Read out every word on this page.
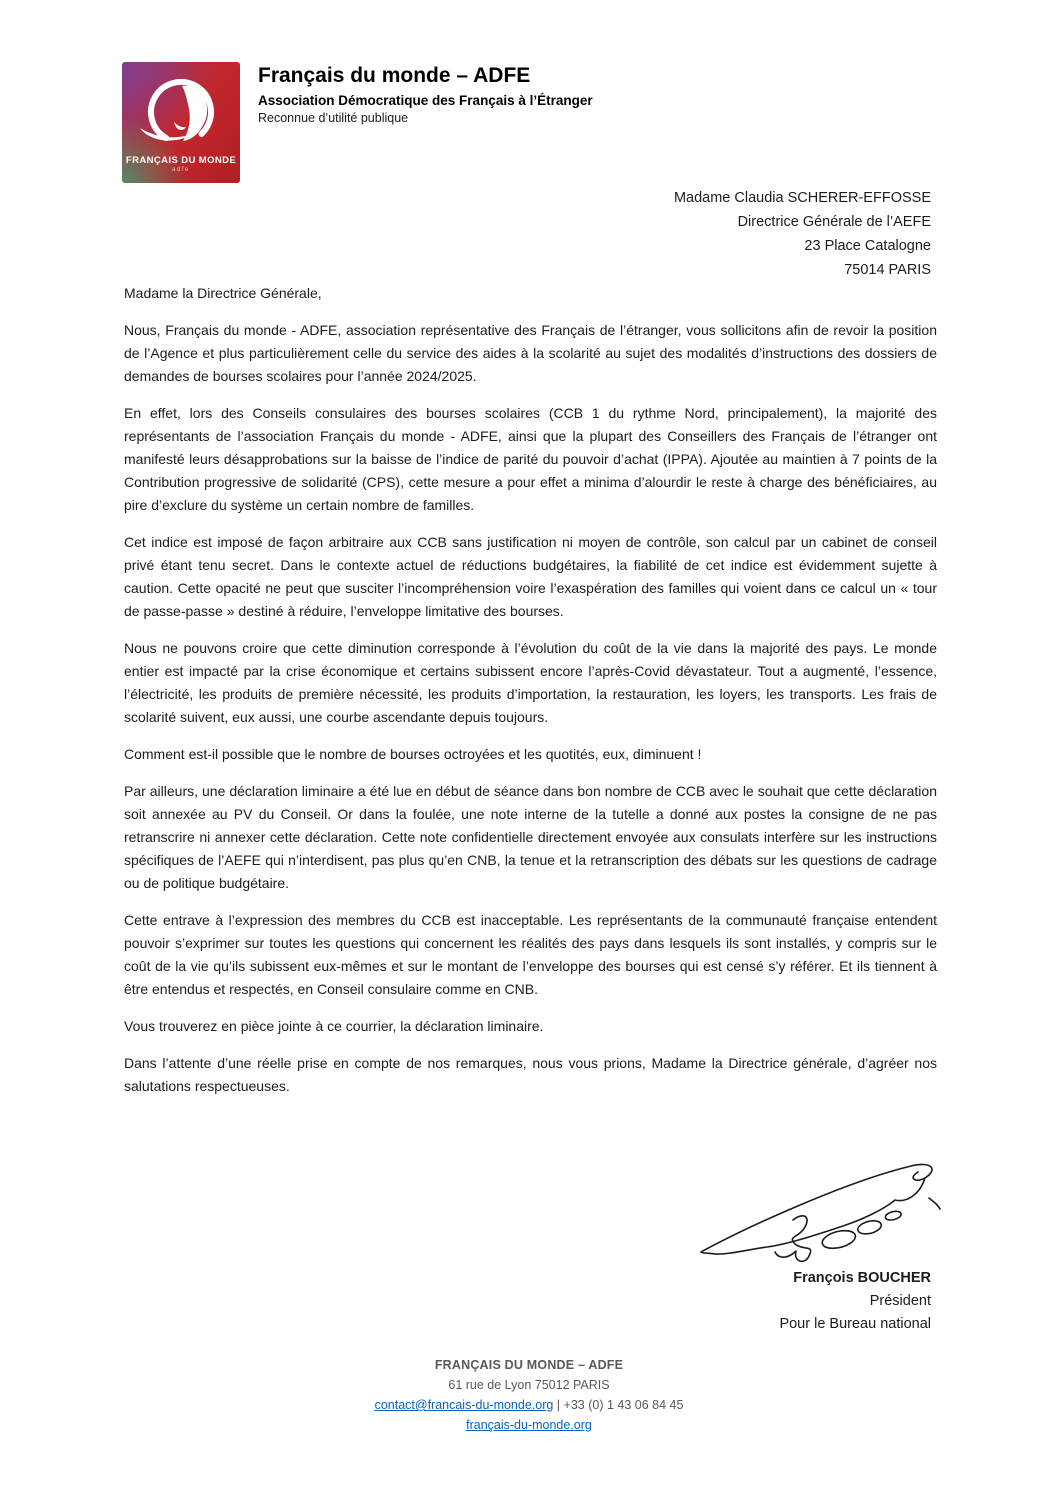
FRANÇAIS DU MONDE
adfe
Français du monde – ADFE
Association Démocratique des Français à l’Étranger
Reconnue d’utilité publique
Madame Claudia SCHERER-EFFOSSE
Directrice Générale de l’AEFE
23 Place Catalogne
75014 PARIS

Madame la Directrice Générale,

Nous, Français du monde - ADFE, association représentative des Français de l’étranger, vous sollicitons afin de revoir la position de l’Agence et plus particulièrement celle du service des aides à la scolarité au sujet des modalités d’instructions des dossiers de demandes de bourses scolaires pour l’année 2024/2025.

En effet, lors des Conseils consulaires des bourses scolaires (CCB 1 du rythme Nord, principalement), la majorité des représentants de l’association Français du monde - ADFE, ainsi que la plupart des Conseillers des Français de l’étranger ont manifesté leurs désapprobations sur la baisse de l’indice de parité du pouvoir d’achat (IPPA). Ajoutée au maintien à 7 points de la Contribution progressive de solidarité (CPS), cette mesure a pour effet a minima d’alourdir le reste à charge des bénéficiaires, au pire d’exclure du système un certain nombre de familles.

Cet indice est imposé de façon arbitraire aux CCB sans justification ni moyen de contrôle, son calcul par un cabinet de conseil privé étant tenu secret. Dans le contexte actuel de réductions budgétaires, la fiabilité de cet indice est évidemment sujette à caution. Cette opacité ne peut que susciter l’incompréhension voire l’exaspération des familles qui voient dans ce calcul un « tour de passe-passe » destiné à réduire, l’enveloppe limitative des bourses.

Nous ne pouvons croire que cette diminution corresponde à l’évolution du coût de la vie dans la majorité des pays. Le monde entier est impacté par la crise économique et certains subissent encore l’après-Covid dévastateur. Tout a augmenté, l’essence, l’électricité, les produits de première nécessité, les produits d’importation, la restauration, les loyers, les transports. Les frais de scolarité suivent, eux aussi, une courbe ascendante depuis toujours.

Comment est-il possible que le nombre de bourses octroyées et les quotités, eux, diminuent !

Par ailleurs, une déclaration liminaire a été lue en début de séance dans bon nombre de CCB avec le souhait que cette déclaration soit annexée au PV du Conseil. Or dans la foulée, une note interne de la tutelle a donné aux postes la consigne de ne pas retranscrire ni annexer cette déclaration. Cette note confidentielle directement envoyée aux consulats interfère sur les instructions spécifiques de l’AEFE qui n’interdisent, pas plus qu’en CNB, la tenue et la retranscription des débats sur les questions de cadrage ou de politique budgétaire.

Cette entrave à l’expression des membres du CCB est inacceptable. Les représentants de la communauté française entendent pouvoir s’exprimer sur toutes les questions qui concernent les réalités des pays dans lesquels ils sont installés, y compris sur le coût de la vie qu’ils subissent eux-mêmes et sur le montant de l’enveloppe des bourses qui est censé s’y référer. Et ils tiennent à être entendus et respectés, en Conseil consulaire comme en CNB.

Vous trouverez en pièce jointe à ce courrier, la déclaration liminaire.

Dans l’attente d’une réelle prise en compte de nos remarques, nous vous prions, Madame la Directrice générale, d’agréer nos salutations respectueuses.

François BOUCHER
Président
Pour le Bureau national
FRANÇAIS DU MONDE – ADFE
61 rue de Lyon 75012 PARIS
contact@francais-du-monde.org | +33 (0) 1 43 06 84 45
français-du-monde.org
